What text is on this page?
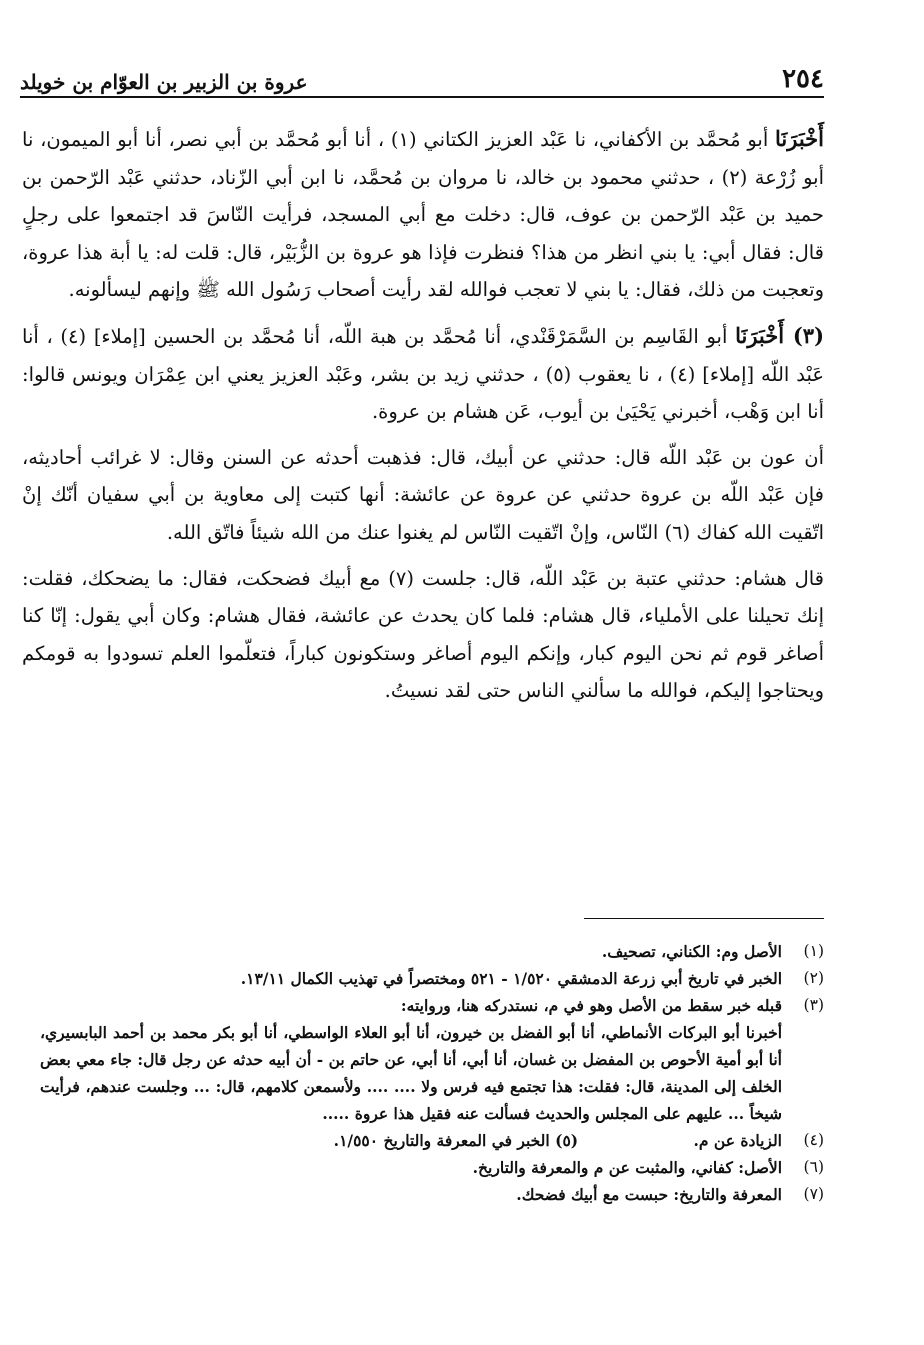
٢٥٤
عروة بن الزبير بن العوّام بن خويلد

أَخْبَرَنَا أبو مُحمَّد بن الأكفاني، نا عَبْد العزيز الكتاني (١) ، أنا أبو مُحمَّد بن أبي نصر، أنا أبو الميمون، نا أبو زُرْعة (٢) ، حدثني محمود بن خالد، نا مروان بن مُحمَّد، نا ابن أبي الزّناد، حدثني عَبْد الرّحمن بن حميد بن عَبْد الرّحمن بن عوف، قال: دخلت مع أبي المسجد، فرأيت النّاسَ قد اجتمعوا على رجلٍ قال: فقال أبي: يا بني انظر من هذا؟ فنظرت فإذا هو عروة بن الزُّبَيْر، قال: قلت له: يا أبة هذا عروة، وتعجبت من ذلك، فقال: يا بني لا تعجب فوالله لقد رأيت أصحاب رَسُول الله ﷺ وإنهم ليسألونه.

(٣) أَخْبَرَنَا أبو القَاسِم بن السَّمَرْقَنْدي، أنا مُحمَّد بن هبة اللّه، أنا مُحمَّد بن الحسين [إملاء] (٤) ، أنا عَبْد اللّه [إملاء] (٤) ، نا يعقوب (٥) ، حدثني زيد بن بشر، وعَبْد العزيز يعني ابن عِمْرَان ويونس قالوا: أنا ابن وَهْب، أخبرني يَحْيَىٰ بن أيوب، عَن هشام بن عروة.

أن عون بن عَبْد اللّه قال: حدثني عن أبيك، قال: فذهبت أحدثه عن السنن وقال: لا غرائب أحاديثه، فإن عَبْد اللّه بن عروة حدثني عن عروة عن عائشة: أنها كتبت إلى معاوية بن أبي سفيان أنّك إنْ اتّقيت الله كفاك (٦) النّاس، وإنْ اتّقيت النّاس لم يغنوا عنك من الله شيئاً فاتّق الله.

قال هشام: حدثني عتبة بن عَبْد اللّه، قال: جلست (٧) مع أبيك فضحكت، فقال: ما يضحكك، فقلت: إنك تحيلنا على الأملياء، قال هشام: فلما كان يحدث عن عائشة، فقال هشام: وكان أبي يقول: إنّا كنا أصاغر قوم ثم نحن اليوم كبار، وإنكم اليوم أصاغر وستكونون كباراً، فتعلّموا العلم تسودوا به قومكم ويحتاجوا إليكم، فوالله ما سألني الناس حتى لقد نسيتُ.

(١)
الأصل وم: الكناني، تصحيف.
(٢)
الخبر في تاريخ أبي زرعة الدمشقي ١/٥٢٠ - ٥٢١ ومختصراً في تهذيب الكمال ١٣/١١.
(٣)
قبله خبر سقط من الأصل وهو في م، نستدركه هنا، وروايته:
أخبرنا أبو البركات الأنماطي، أنا أبو الفضل بن خيرون، أنا أبو العلاء الواسطي، أنا أبو بكر محمد بن أحمد البابسيري، أنا أبو أمية الأحوص بن المفضل بن غسان، أنا أبي، أنا أبي، عن حاتم بن - أن أبيه حدثه عن رجل قال: جاء معي بعض الخلف إلى المدينة، قال: فقلت: هذا تجتمع فيه فرس ولا .... .... ولأسمعن كلامهم، قال: ... وجلست عندهم، فرأيت شيخاً ... عليهم على المجلس والحديث فسألت عنه فقيل هذا عروة .....
(٤)
الزيادة عن م. (٥) الخبر في المعرفة والتاريخ ١/٥٥٠.
(٦)
الأصل: كفاني، والمثبت عن م والمعرفة والتاريخ.
(٧)
المعرفة والتاريخ: حبست مع أبيك فضحك.
